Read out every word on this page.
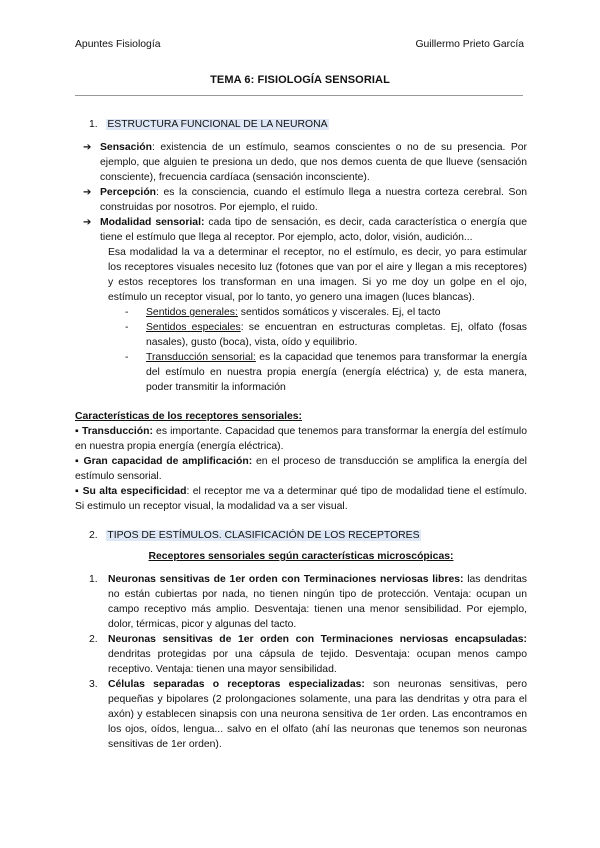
Apuntes Fisiología	Guillermo Prieto García
TEMA 6: FISIOLOGÍA SENSORIAL
1. ESTRUCTURA FUNCIONAL DE LA NEURONA
➔ Sensación: existencia de un estímulo, seamos conscientes o no de su presencia. Por ejemplo, que alguien te presiona un dedo, que nos demos cuenta de que llueve (sensación consciente), frecuencia cardíaca (sensación inconsciente).
➔ Percepción: es la consciencia, cuando el estímulo llega a nuestra corteza cerebral. Son construidas por nosotros. Por ejemplo, el ruido.
➔ Modalidad sensorial: cada tipo de sensación, es decir, cada característica o energía que tiene el estímulo que llega al receptor. Por ejemplo, acto, dolor, visión, audición...
Esa modalidad la va a determinar el receptor, no el estímulo, es decir, yo para estimular los receptores visuales necesito luz (fotones que van por el aire y llegan a mis receptores) y estos receptores los transforman en una imagen. Si yo me doy un golpe en el ojo, estímulo un receptor visual, por lo tanto, yo genero una imagen (luces blancas).
-	Sentidos generales: sentidos somáticos y viscerales. Ej, el tacto
-	Sentidos especiales: se encuentran en estructuras completas. Ej, olfato (fosas nasales), gusto (boca), vista, oído y equilibrio.
-	Transducción sensorial: es la capacidad que tenemos para transformar la energía del estímulo en nuestra propia energía (energía eléctrica) y, de esta manera, poder transmitir la información
Características de los receptores sensoriales:
▪ Transducción: es importante. Capacidad que tenemos para transformar la energía del estímulo en nuestra propia energía (energía eléctrica).
▪ Gran capacidad de amplificación: en el proceso de transducción se amplifica la energía del estímulo sensorial.
▪ Su alta especificidad: el receptor me va a determinar qué tipo de modalidad tiene el estímulo. Si estimulo un receptor visual, la modalidad va a ser visual.
2. TIPOS DE ESTÍMULOS. CLASIFICACIÓN DE LOS RECEPTORES
Receptores sensoriales según características microscópicas:
1. Neuronas sensitivas de 1er orden con Terminaciones nerviosas libres: las dendritas no están cubiertas por nada, no tienen ningún tipo de protección. Ventaja: ocupan un campo receptivo más amplio. Desventaja: tienen una menor sensibilidad. Por ejemplo, dolor, térmicas, picor y algunas del tacto.
2. Neuronas sensitivas de 1er orden con Terminaciones nerviosas encapsuladas: dendritas protegidas por una cápsula de tejido. Desventaja: ocupan menos campo receptivo. Ventaja: tienen una mayor sensibilidad.
3. Células separadas o receptoras especializadas: son neuronas sensitivas, pero pequeñas y bipolares (2 prolongaciones solamente, una para las dendritas y otra para el axón) y establecen sinapsis con una neurona sensitiva de 1er orden. Las encontramos en los ojos, oídos, lengua... salvo en el olfato (ahí las neuronas que tenemos son neuronas sensitivas de 1er orden).
